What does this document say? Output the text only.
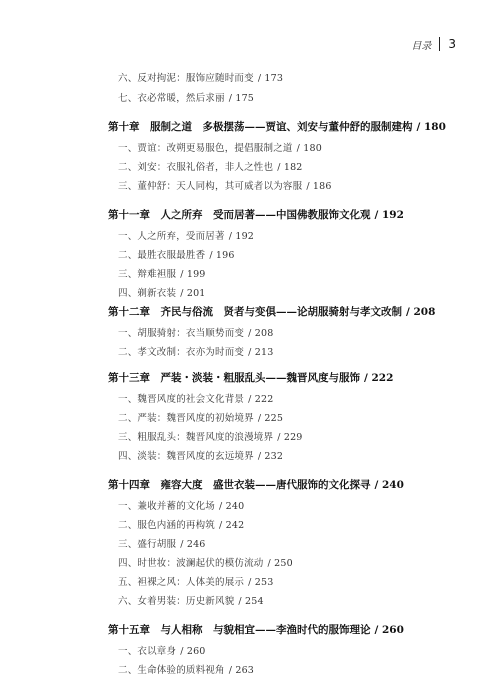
目录 3
六、反对拘泥：服饰应随时而变 / 173
七、衣必常暖，然后求丽 / 175
第十章　服制之道　多极摆荡——贾谊、刘安与董仲舒的服制建构 / 180
一、贾谊：改朔更易服色，提倡服制之道 / 180
二、刘安：衣服礼俗者，非人之性也 / 182
三、董仲舒：天人同构，其可威者以为容服 / 186
第十一章　人之所弃　受而居著——中国佛教服饰文化观 / 192
一、人之所弃，受而居著 / 192
二、最胜衣服最胜香 / 196
三、辩难袒服 / 199
四、剃新衣装 / 201
第十二章　齐民与俗流　贤者与变俱——论胡服骑射与孝文改制 / 208
一、胡服骑射：衣当顺势而变 / 208
二、孝文改制：衣亦为时而变 / 213
第十三章　严装・淡装・粗服乱头——魏晋风度与服饰 / 222
一、魏晋风度的社会文化背景 / 222
二、严装：魏晋风度的初始境界 / 225
三、粗服乱头：魏晋风度的浪漫境界 / 229
四、淡装：魏晋风度的玄远境界 / 232
第十四章　雍容大度　盛世衣装——唐代服饰的文化探寻 / 240
一、兼收并蓄的文化场 / 240
二、服色内涵的再构筑 / 242
三、盛行胡服 / 246
四、时世妆：波澜起伏的模仿流动 / 250
五、袒裸之风：人体美的展示 / 253
六、女着男装：历史新风貌 / 254
第十五章　与人相称　与貌相宜——李渔时代的服饰理论 / 260
一、衣以章身 / 260
二、生命体验的质料视角 / 263
